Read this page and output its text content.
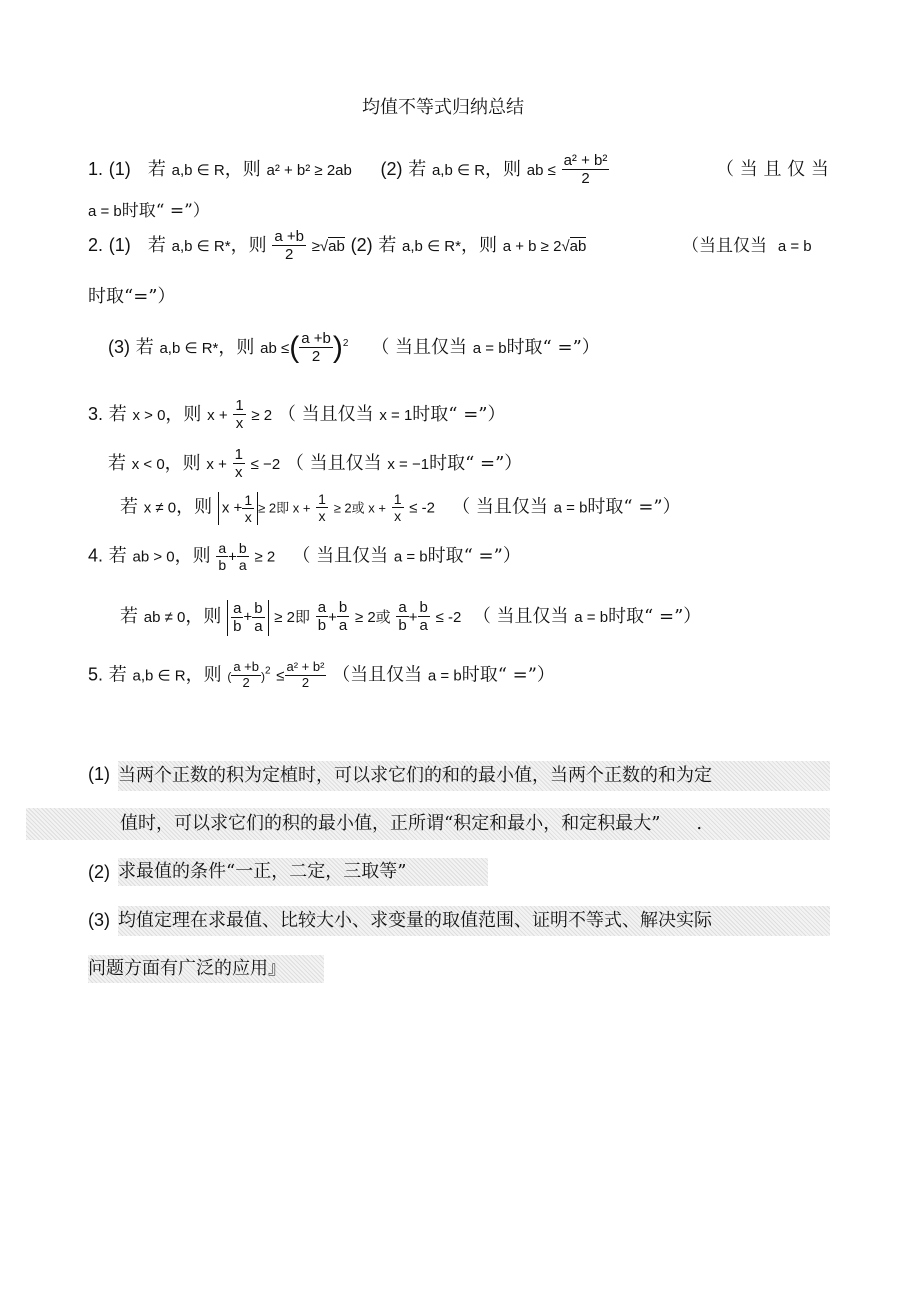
均值不等式归纳总结
1. (1) 若 a,b ∈ R，则 a² + b² ≥ 2ab (2) 若 a,b ∈ R，则 ab ≤ $\frac{\text{a² + b²}}{2}$	（ 当 且 仅 当
a = b时取“ =”）
2. (1) 若 a,b ∈ R*，则 $\frac{a +b}{2} \ge√ab$ (2) 若 a,b ∈ R*，则 a + b ≥ 2√ab	（当且仅当 a = b
时取“=”）
(3) 若 a,b ∈ R*，则 ab ≤( $\frac{a +b}{2} )^2$ （ 当且仅当 a = b时取“ =”）
3. 若 x > 0，则 $x + \frac{1}{x} \ge 2$ （ 当且仅当 x = 1时取“ =”）
若 x < 0，则 $x + \frac{1}{x} \le -2$ （ 当且仅当 x = −1时取“ =”）
若 x ≠ 0，则 $x + \frac{1}{x} \ge 2$即 $x + \frac{1}{x} \ge 2$或 $x + \frac{1}{x} \le -2$ （ 当且仅当 a = b时取“ =”）
4. 若 ab > 0，则 $\frac{a}{b} + \frac{b}{a} \ge 2$ （ 当且仅当 a = b时取“ =”）
若 ab ≠ 0，则 $\frac{a}{b} + \frac{b}{a} \ge 2$即 $\frac{a}{b} + \frac{b}{a} \ge 2$或 $\frac{a}{b} + \frac{b}{a} \le -2$ （ 当且仅当 a = b时取“ =”）
5. 若 a,b ∈ R，则 ( $\frac{a +b}{2} )^2 \le \frac{\text{a² + b²}}{2}$ （当且仅当 a = b时取“ =”）
(1) 当两个正数的积为定植时，可以求它们的和的最小值，当两个正数的和为定
值时，可以求它们的积的最小值，正所谓“积定和最小，和定积最大” .
(2) 求最值的条件“一正，二定，三取等”
(3) 均值定理在求最值、比较大小、求变量的取值范围、证明不等式、解决实际
问题方面有广泛的应用』
